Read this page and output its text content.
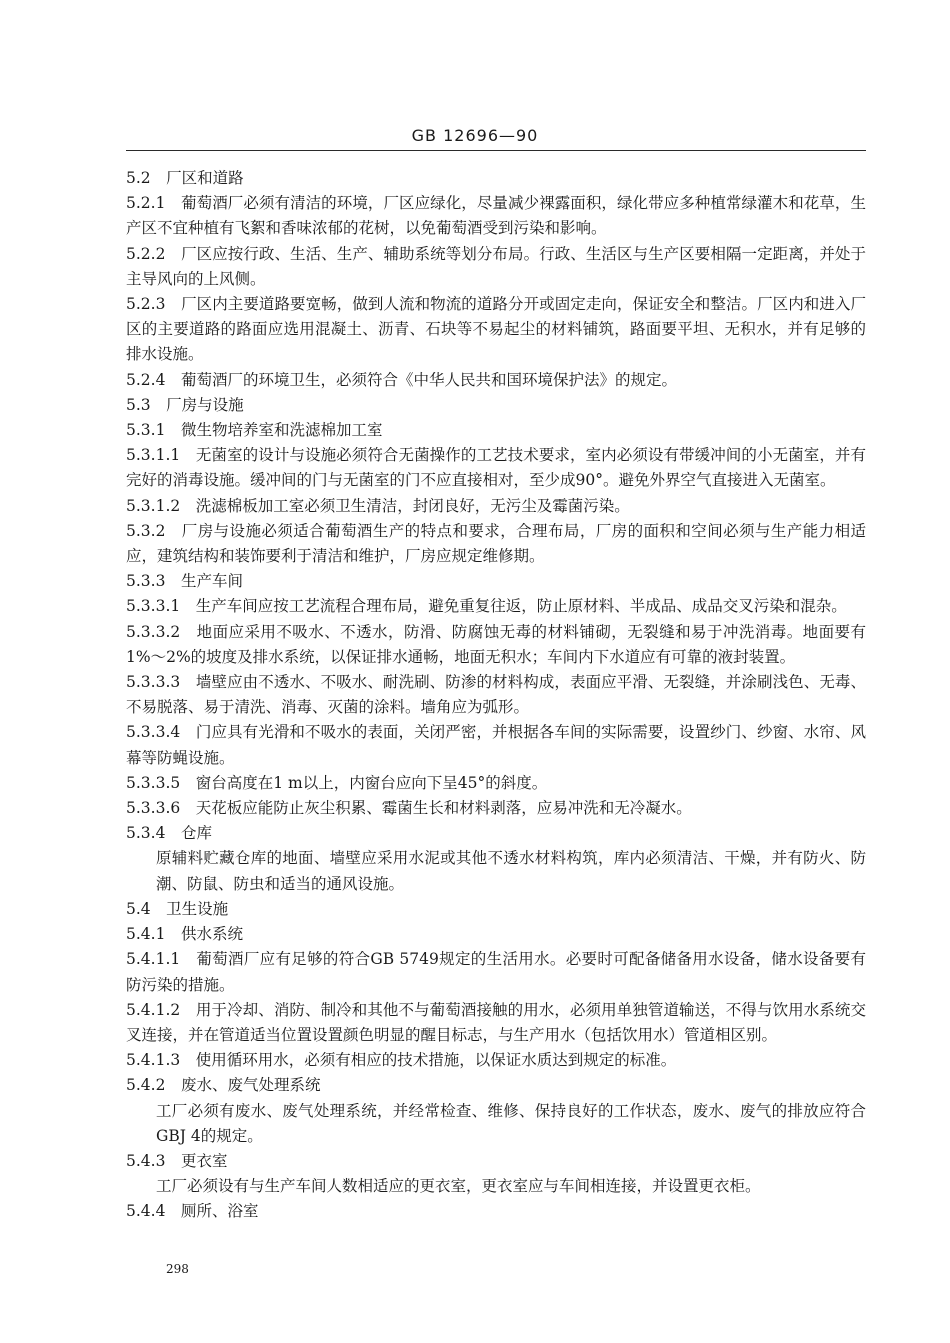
GB 12696—90

5.2　厂区和道路

5.2.1　葡萄酒厂必须有清洁的环境，厂区应绿化，尽量减少裸露面积，绿化带应多种植常绿灌木和花草，生产区不宜种植有飞絮和香味浓郁的花树，以免葡萄酒受到污染和影响。

5.2.2　厂区应按行政、生活、生产、辅助系统等划分布局。行政、生活区与生产区要相隔一定距离，并处于主导风向的上风侧。

5.2.3　厂区内主要道路要宽畅，做到人流和物流的道路分开或固定走向，保证安全和整洁。厂区内和进入厂区的主要道路的路面应选用混凝土、沥青、石块等不易起尘的材料铺筑，路面要平坦、无积水，并有足够的排水设施。

5.2.4　葡萄酒厂的环境卫生，必须符合《中华人民共和国环境保护法》的规定。

5.3　厂房与设施

5.3.1　微生物培养室和洗滤棉加工室

5.3.1.1　无菌室的设计与设施必须符合无菌操作的工艺技术要求，室内必须设有带缓冲间的小无菌室，并有完好的消毒设施。缓冲间的门与无菌室的门不应直接相对，至少成90°。避免外界空气直接进入无菌室。

5.3.1.2　洗滤棉板加工室必须卫生清洁，封闭良好，无污尘及霉菌污染。

5.3.2　厂房与设施必须适合葡萄酒生产的特点和要求，合理布局，厂房的面积和空间必须与生产能力相适应，建筑结构和装饰要利于清洁和维护，厂房应规定维修期。

5.3.3　生产车间

5.3.3.1　生产车间应按工艺流程合理布局，避免重复往返，防止原材料、半成品、成品交叉污染和混杂。

5.3.3.2　地面应采用不吸水、不透水，防滑、防腐蚀无毒的材料铺砌，无裂缝和易于冲洗消毒。地面要有1%～2%的坡度及排水系统，以保证排水通畅，地面无积水；车间内下水道应有可靠的液封装置。

5.3.3.3　墙壁应由不透水、不吸水、耐洗刷、防渗的材料构成，表面应平滑、无裂缝，并涂刷浅色、无毒、不易脱落、易于清洗、消毒、灭菌的涂料。墙角应为弧形。

5.3.3.4　门应具有光滑和不吸水的表面，关闭严密，并根据各车间的实际需要，设置纱门、纱窗、水帘、风幕等防蝇设施。

5.3.3.5　窗台高度在1 m以上，内窗台应向下呈45°的斜度。

5.3.3.6　天花板应能防止灰尘积累、霉菌生长和材料剥落，应易冲洗和无冷凝水。

5.3.4　仓库

原辅料贮藏仓库的地面、墙壁应采用水泥或其他不透水材料构筑，库内必须清洁、干燥，并有防火、防潮、防鼠、防虫和适当的通风设施。

5.4　卫生设施

5.4.1　供水系统

5.4.1.1　葡萄酒厂应有足够的符合GB 5749规定的生活用水。必要时可配备储备用水设备，储水设备要有防污染的措施。

5.4.1.2　用于冷却、消防、制冷和其他不与葡萄酒接触的用水，必须用单独管道输送，不得与饮用水系统交叉连接，并在管道适当位置设置颜色明显的醒目标志，与生产用水（包括饮用水）管道相区别。

5.4.1.3　使用循环用水，必须有相应的技术措施，以保证水质达到规定的标准。

5.4.2　废水、废气处理系统

工厂必须有废水、废气处理系统，并经常检查、维修、保持良好的工作状态，废水、废气的排放应符合GBJ 4的规定。

5.4.3　更衣室

工厂必须设有与生产车间人数相适应的更衣室，更衣室应与车间相连接，并设置更衣柜。

5.4.4　厕所、浴室

298
